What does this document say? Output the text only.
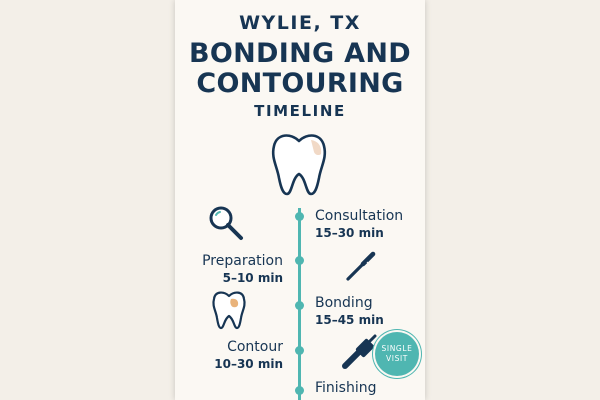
WYLIE, TX
BONDING AND
CONTOURING
TIMELINE
Consultation
15–30 min
Preparation
5–10 min
Bonding
15–45 min
Contour
10–30 min
Finishing
SINGLE
VISIT
